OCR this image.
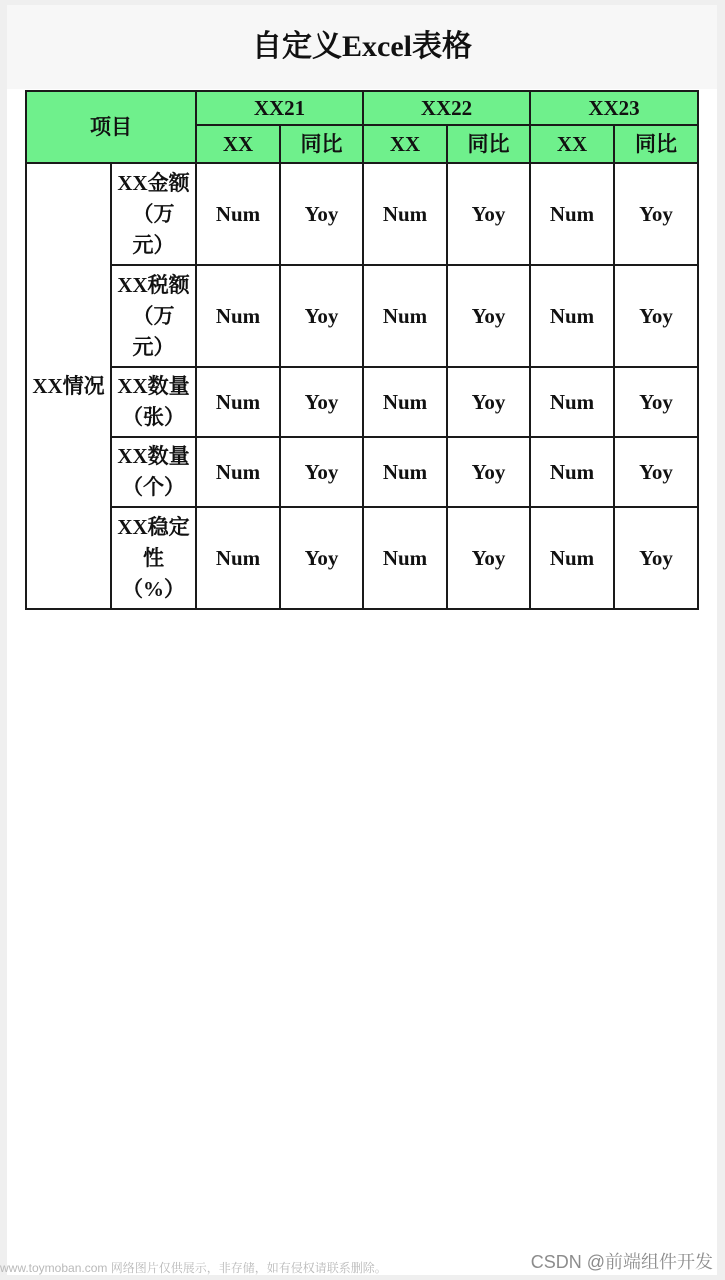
自定义Excel表格
项目		XX21		XX22		XX23	
		XX	同比	XX	同比	XX	同比
XX情况	XX金额
（万
元）	Num	Yoy	Num	Yoy	Num	Yoy

	XX税额
（万
元）	Num	Yoy	Num	Yoy	Num	Yoy

	XX数量
（张）	Num	Yoy	Num	Yoy	Num	Yoy

	XX数量
（个）	Num	Yoy	Num	Yoy	Num	Yoy

	XX稳定
性
（%）	Num	Yoy	Num	Yoy	Num	Yoy
www.toymoban.com 网络图片仅供展示，非存储，如有侵权请联系删除。	CSDN @前端组件开发
